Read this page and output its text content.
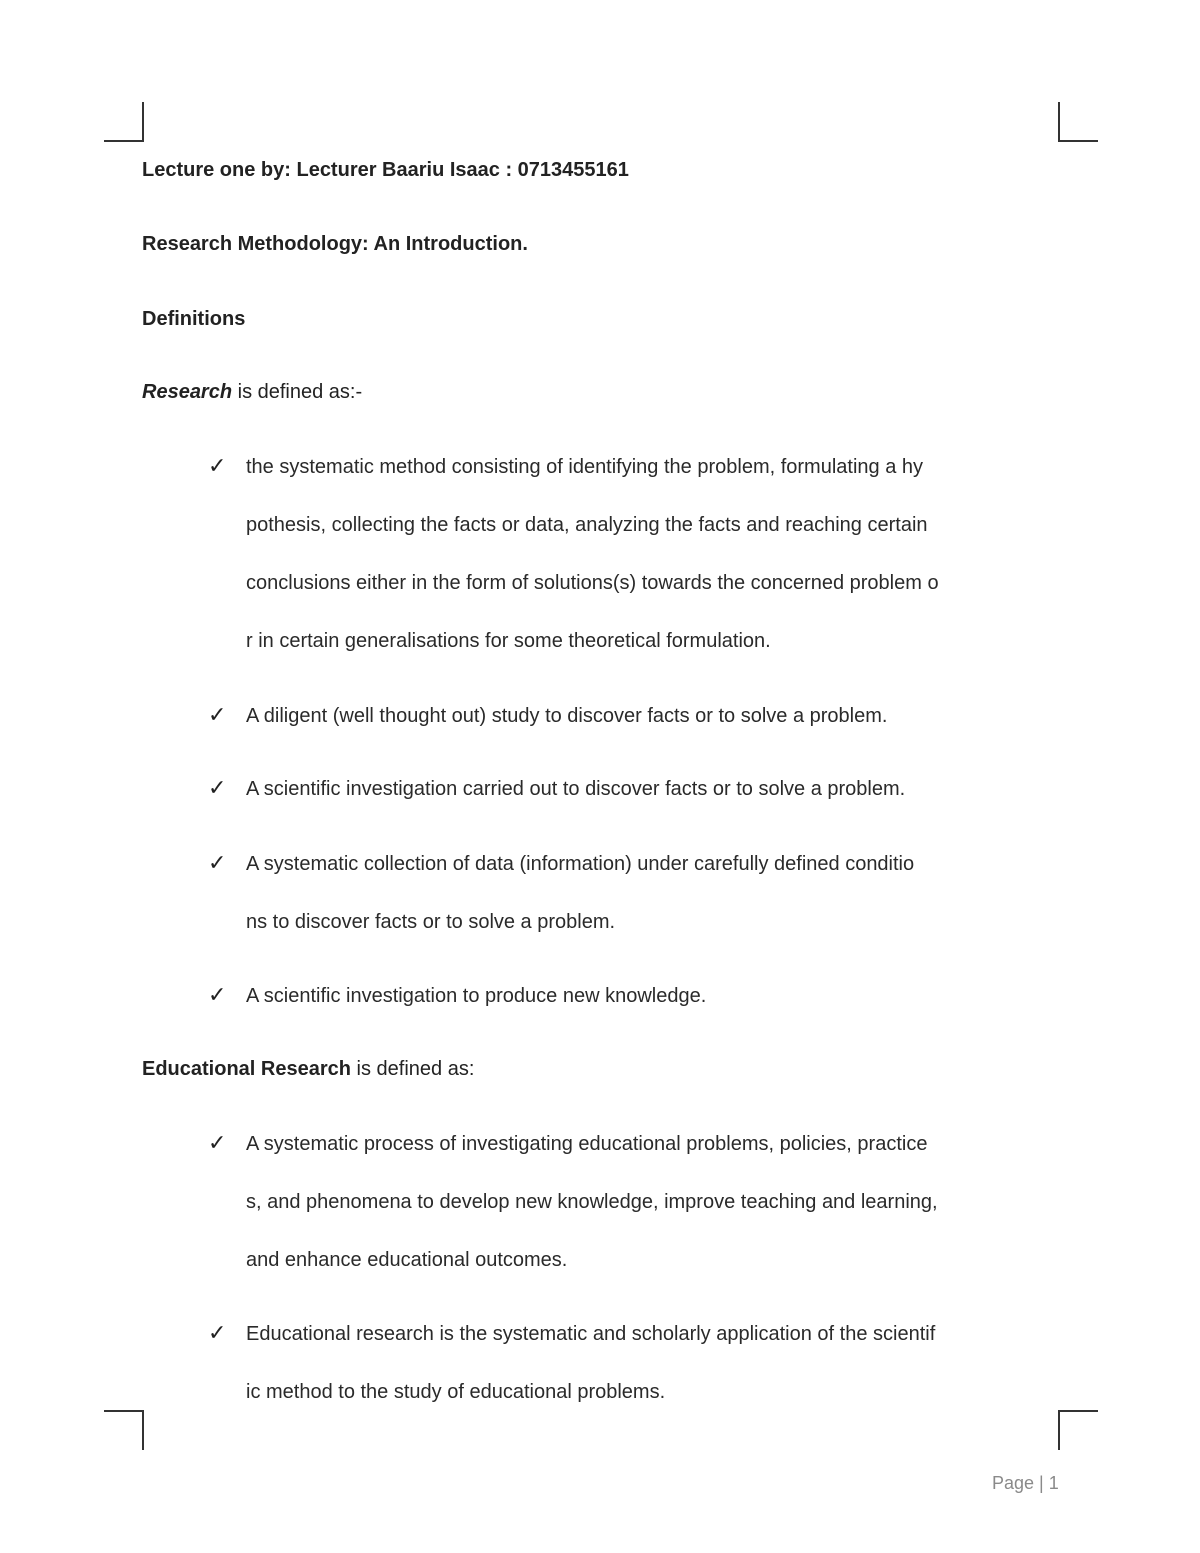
Lecture one by: Lecturer Baariu Isaac : 0713455161
Research Methodology: An Introduction.
Definitions
Research is defined as:-
✓ the systematic method consisting of identifying the problem, formulating a hy
pothesis, collecting the facts or data, analyzing the facts and reaching certain
conclusions either in the form of solutions(s) towards the concerned problem o
r in certain generalisations for some theoretical formulation.
✓ A diligent (well thought out) study to discover facts or to solve a problem.
✓ A scientific investigation carried out to discover facts or to solve a problem.
✓ A systematic collection of data (information) under carefully defined conditio
ns to discover facts or to solve a problem.
✓ A scientific investigation to produce new knowledge.
Educational Research is defined as:
✓ A systematic process of investigating educational problems, policies, practice
s, and phenomena to develop new knowledge, improve teaching and learning,
and enhance educational outcomes.
✓ Educational research is the systematic and scholarly application of the scientif
ic method to the study of educational problems.
Page | 1
